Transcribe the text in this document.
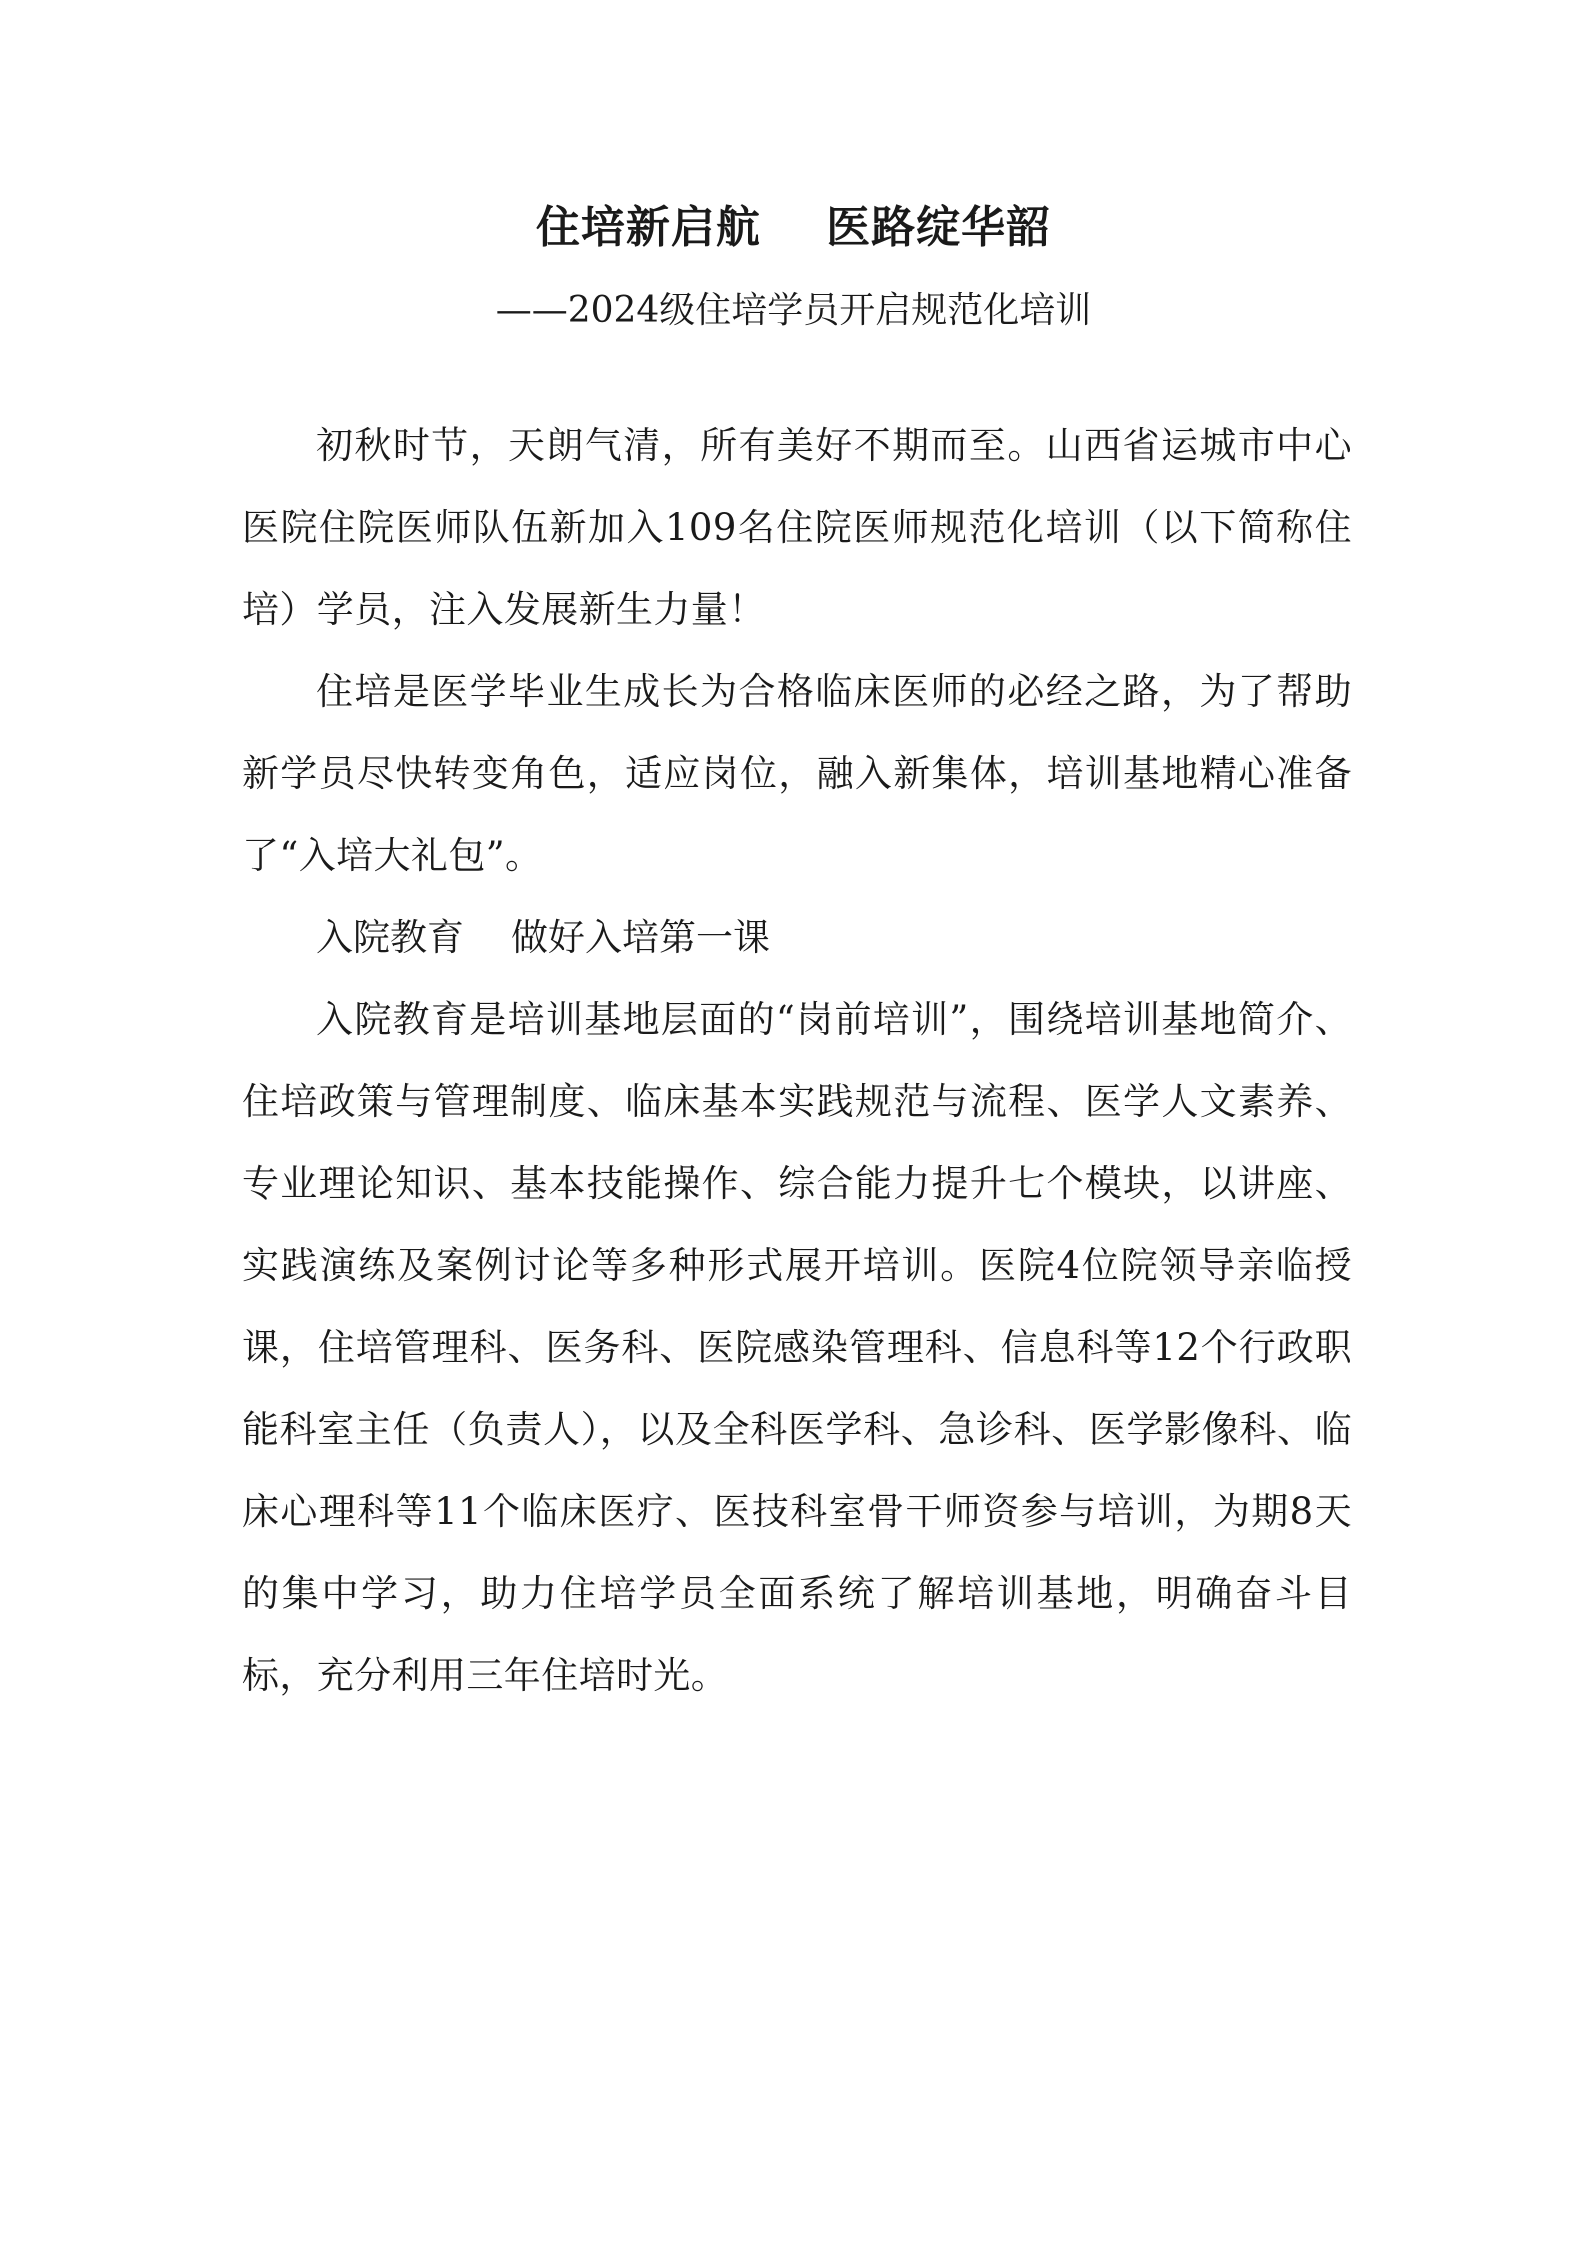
住培新启航    医路绽华韶
——2024级住培学员开启规范化培训

初秋时节，天朗气清，所有美好不期而至。山西省运城市中心医院住院医师队伍新加入109名住院医师规范化培训（以下简称住培）学员，注入发展新生力量！

住培是医学毕业生成长为合格临床医师的必经之路，为了帮助新学员尽快转变角色，适应岗位，融入新集体，培训基地精心准备了“入培大礼包”。

入院教育    做好入培第一课

入院教育是培训基地层面的“岗前培训”，围绕培训基地简介、住培政策与管理制度、临床基本实践规范与流程、医学人文素养、专业理论知识、基本技能操作、综合能力提升七个模块，以讲座、实践演练及案例讨论等多种形式展开培训。医院4位院领导亲临授课，住培管理科、医务科、医院感染管理科、信息科等12个行政职能科室主任（负责人），以及全科医学科、急诊科、医学影像科、临床心理科等11个临床医疗、医技科室骨干师资参与培训，为期8天的集中学习，助力住培学员全面系统了解培训基地，明确奋斗目标，充分利用三年住培时光。
